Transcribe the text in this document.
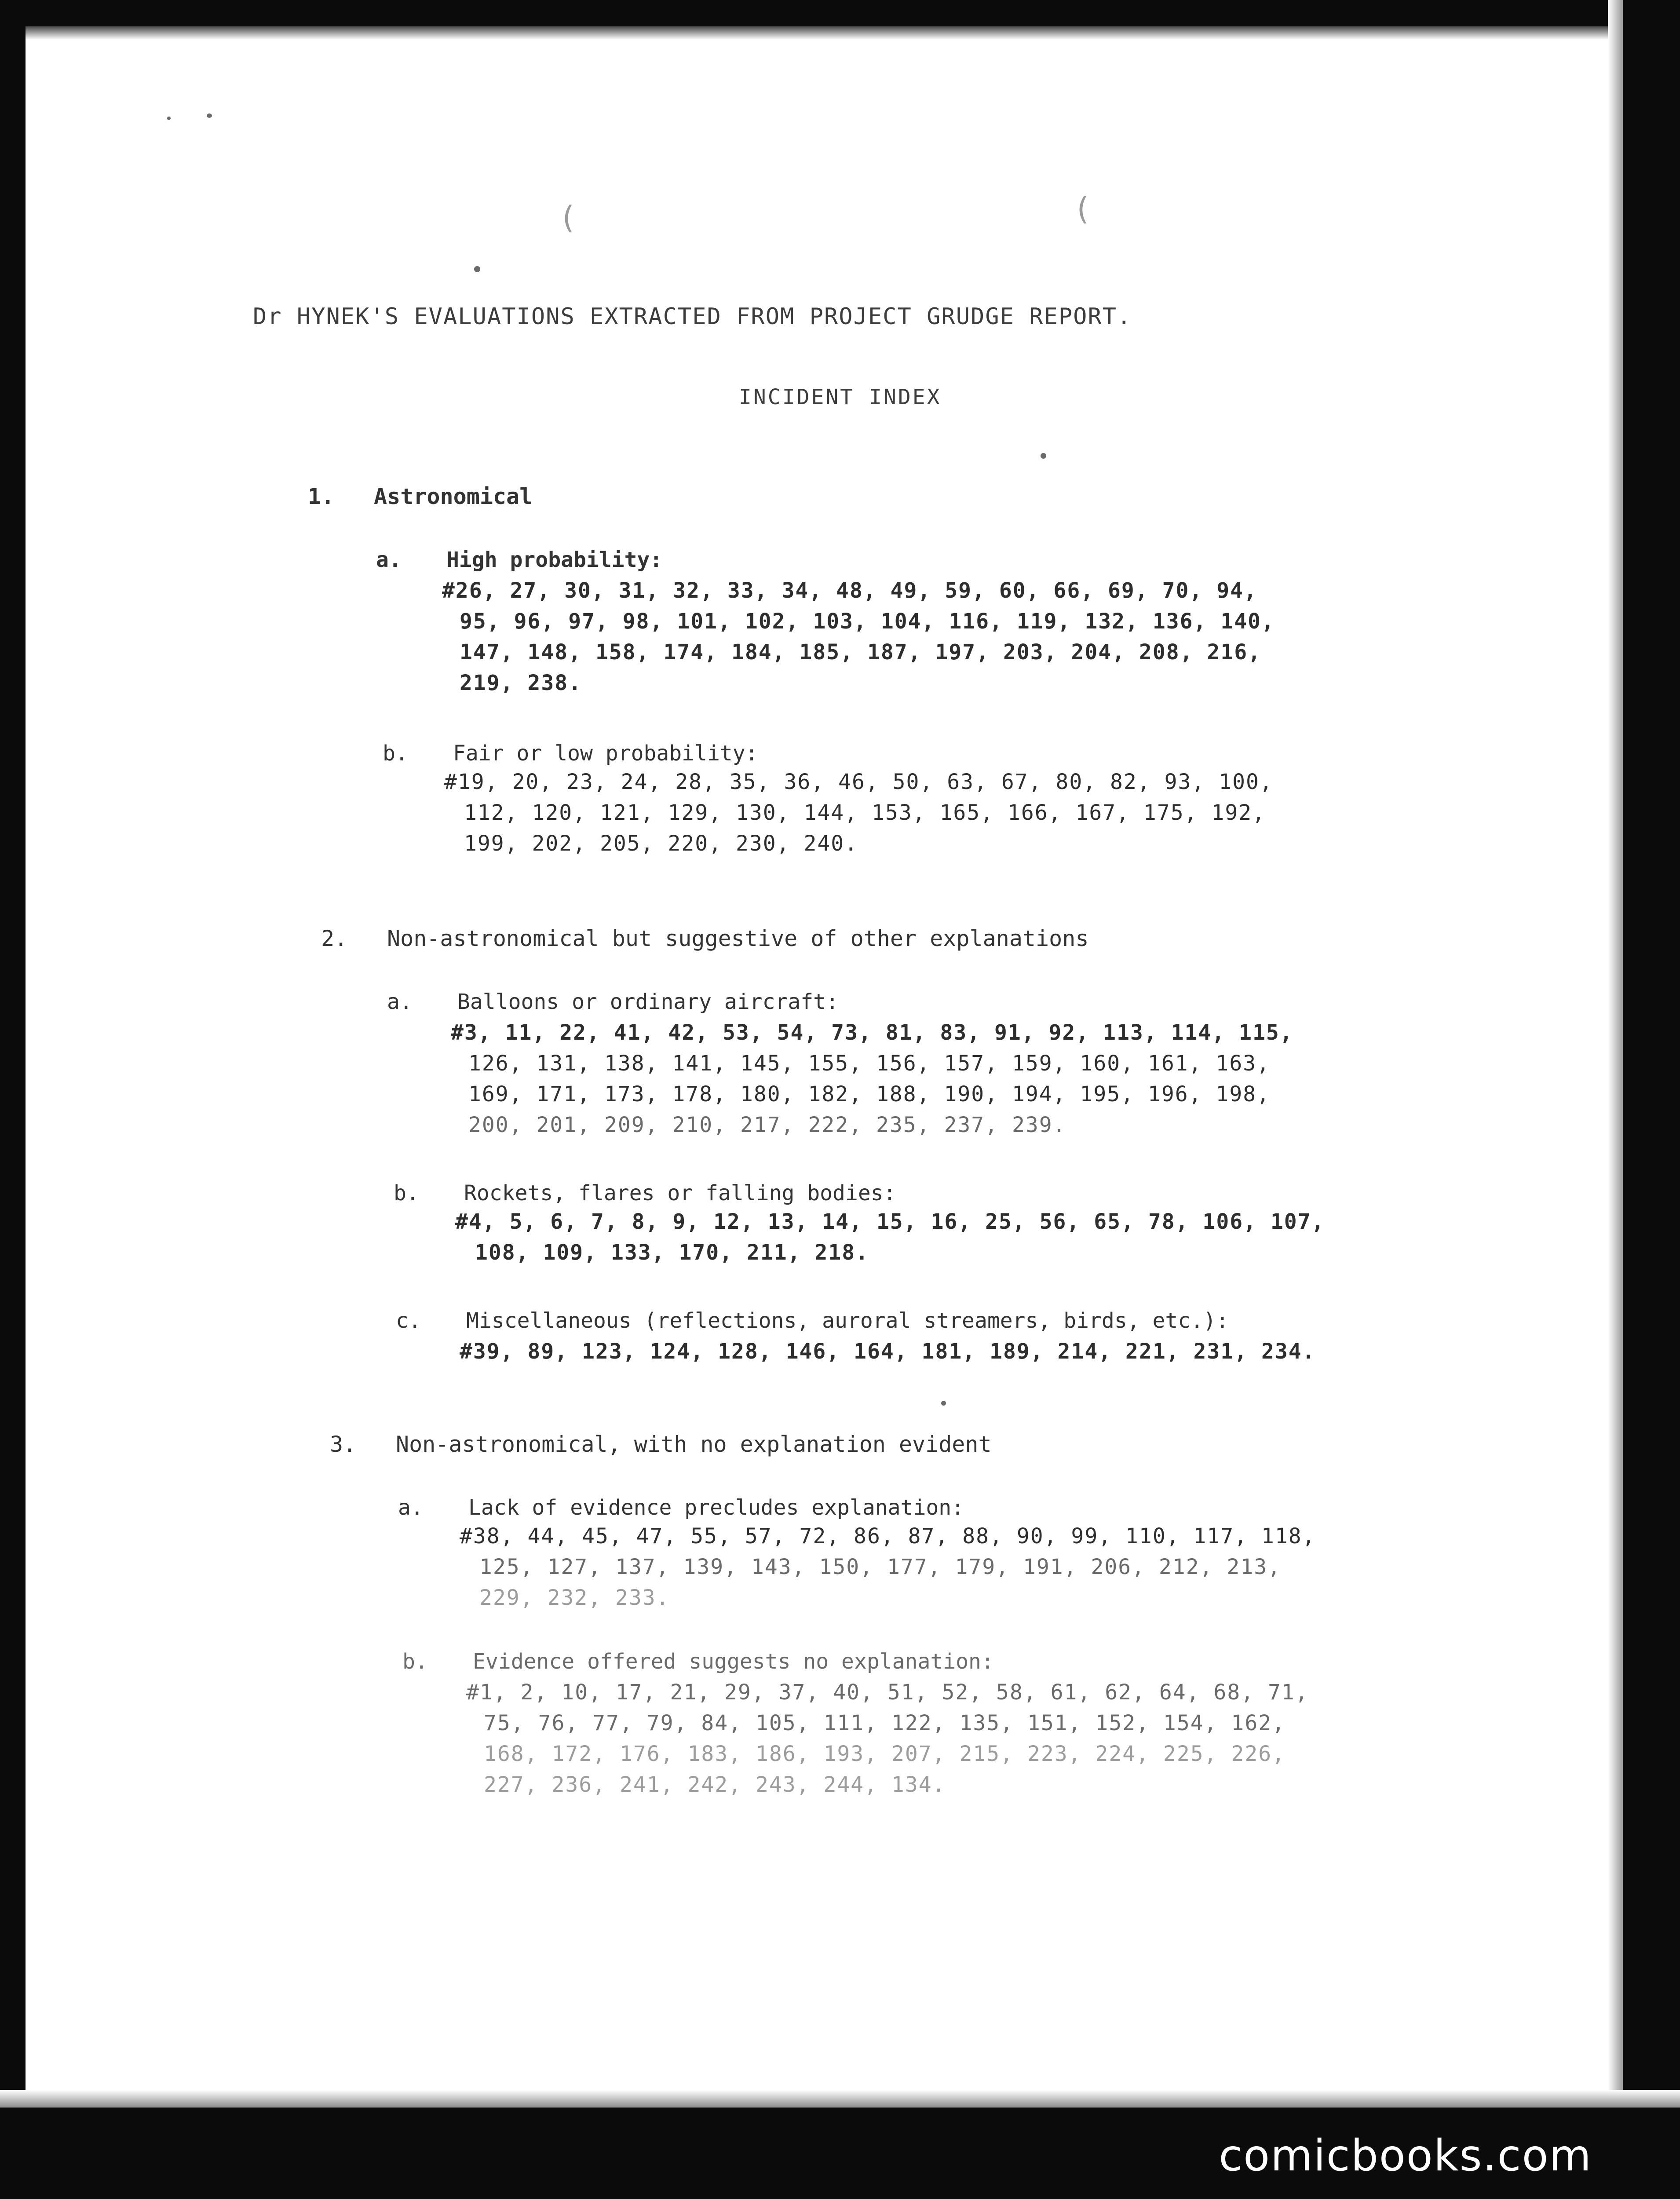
(	(
Dr HYNEK'S EVALUATIONS EXTRACTED FROM PROJECT GRUDGE REPORT.
INCIDENT INDEX
1. Astronomical
a. High probability:
#26, 27, 30, 31, 32, 33, 34, 48, 49, 59, 60, 66, 69, 70, 94,
95, 96, 97, 98, 101, 102, 103, 104, 116, 119, 132, 136, 140,
147, 148, 158, 174, 184, 185, 187, 197, 203, 204, 208, 216,
219, 238.
b. Fair or low probability:
#19, 20, 23, 24, 28, 35, 36, 46, 50, 63, 67, 80, 82, 93, 100,
112, 120, 121, 129, 130, 144, 153, 165, 166, 167, 175, 192,
199, 202, 205, 220, 230, 240.
2. Non-astronomical but suggestive of other explanations
a. Balloons or ordinary aircraft:
#3, 11, 22, 41, 42, 53, 54, 73, 81, 83, 91, 92, 113, 114, 115,
126, 131, 138, 141, 145, 155, 156, 157, 159, 160, 161, 163,
169, 171, 173, 178, 180, 182, 188, 190, 194, 195, 196, 198,
200, 201, 209, 210, 217, 222, 235, 237, 239.
b. Rockets, flares or falling bodies:
#4, 5, 6, 7, 8, 9, 12, 13, 14, 15, 16, 25, 56, 65, 78, 106, 107,
108, 109, 133, 170, 211, 218.
c. Miscellaneous (reflections, auroral streamers, birds, etc.):
#39, 89, 123, 124, 128, 146, 164, 181, 189, 214, 221, 231, 234.
3. Non-astronomical, with no explanation evident
a. Lack of evidence precludes explanation:
#38, 44, 45, 47, 55, 57, 72, 86, 87, 88, 90, 99, 110, 117, 118,
125, 127, 137, 139, 143, 150, 177, 179, 191, 206, 212, 213,
229, 232, 233.
b. Evidence offered suggests no explanation:
#1, 2, 10, 17, 21, 29, 37, 40, 51, 52, 58, 61, 62, 64, 68, 71,
75, 76, 77, 79, 84, 105, 111, 122, 135, 151, 152, 154, 162,
168, 172, 176, 183, 186, 193, 207, 215, 223, 224, 225, 226,
227, 236, 241, 242, 243, 244, 134.
comicbooks.com
